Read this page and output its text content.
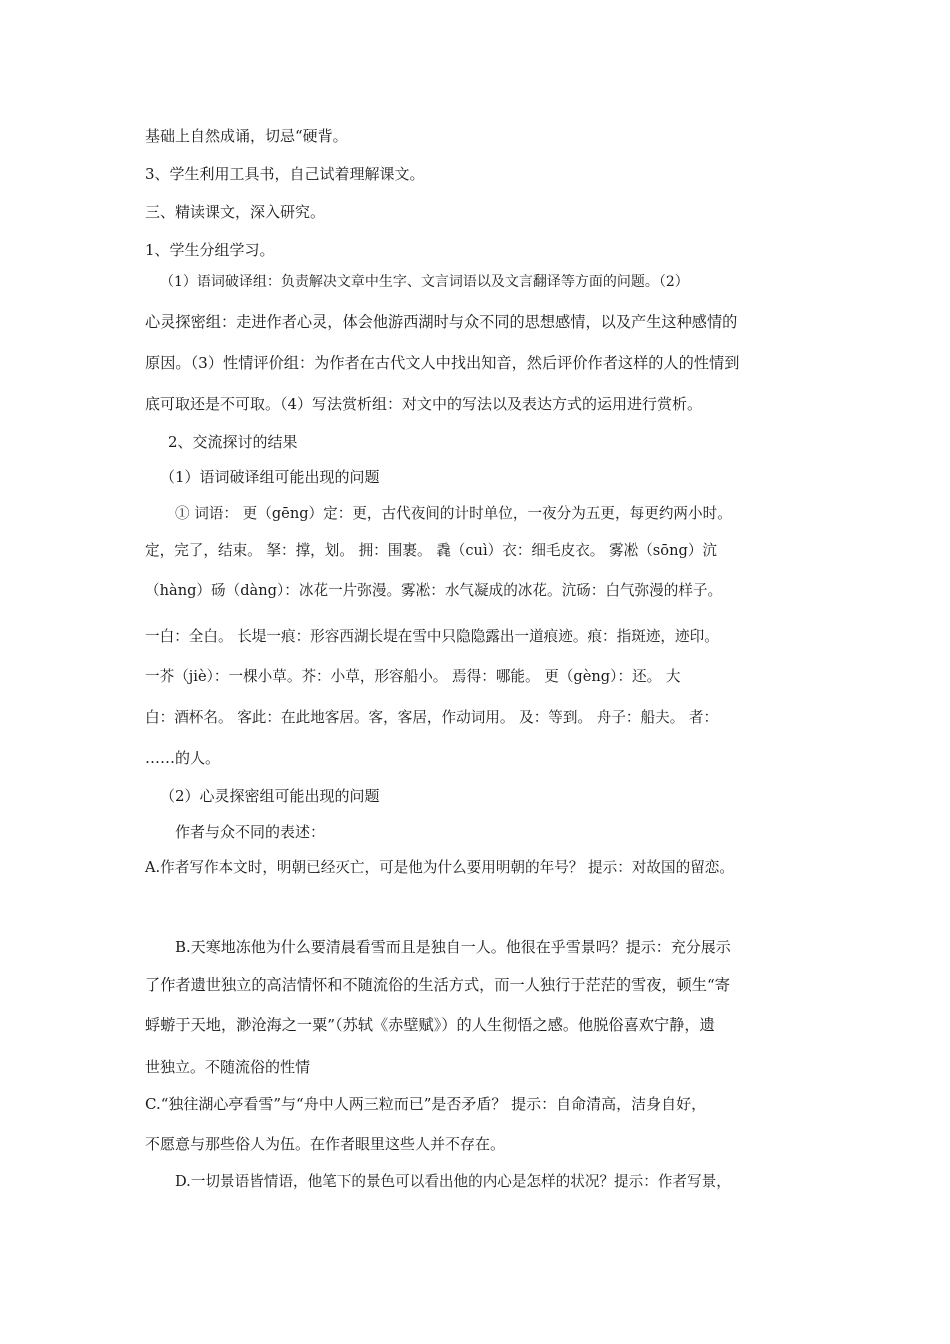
基础上自然成诵，切忌“硬背。
3、学生利用工具书，自己试着理解课文。
三、精读课文，深入研究。
1、学生分组学习。
（1）语词破译组：负责解决文章中生字、文言词语以及文言翻译等方面的问题。（2）
心灵探密组：走进作者心灵，体会他游西湖时与众不同的思想感情，以及产生这种感情的
原因。（3）性情评价组：为作者在古代文人中找出知音，然后评价作者这样的人的性情到
底可取还是不可取。（4）写法赏析组：对文中的写法以及表达方式的运用进行赏析。
2、交流探讨的结果
（1）语词破译组可能出现的问题
① 词语： 更（gēng）定：更，古代夜间的计时单位，一夜分为五更，每更约两小时。
定，完了，结束。 拏：撑，划。 拥：围裹。 毳（cuì）衣：细毛皮衣。 雾凇（sōng）沆
（hàng）砀（dàng）：冰花一片弥漫。雾凇：水气凝成的冰花。沆砀：白气弥漫的样子。
一白：全白。 长堤一痕：形容西湖长堤在雪中只隐隐露出一道痕迹。痕：指斑迹，迹印。
一芥（jiè）：一棵小草。芥：小草，形容船小。 焉得：哪能。 更（gèng）：还。 大
白：酒杯名。 客此：在此地客居。客，客居，作动词用。 及：等到。 舟子：船夫。 者：
……的人。
（2）心灵探密组可能出现的问题
作者与众不同的表述：
A.作者写作本文时，明朝已经灭亡，可是他为什么要用明朝的年号？ 提示：对故国的留恋。
B.天寒地冻他为什么要清晨看雪而且是独自一人。他很在乎雪景吗？提示：充分展示
了作者遗世独立的高洁情怀和不随流俗的生活方式，而一人独行于茫茫的雪夜，顿生“寄
蜉蝣于天地，渺沧海之一粟”（苏轼《赤壁赋》）的人生彻悟之感。他脱俗喜欢宁静，遗
世独立。不随流俗的性情
C.“独往湖心亭看雪”与“舟中人两三粒而已”是否矛盾？ 提示：自命清高，洁身自好，
不愿意与那些俗人为伍。在作者眼里这些人并不存在。
D.一切景语皆情语，他笔下的景色可以看出他的内心是怎样的状况？提示：作者写景，
